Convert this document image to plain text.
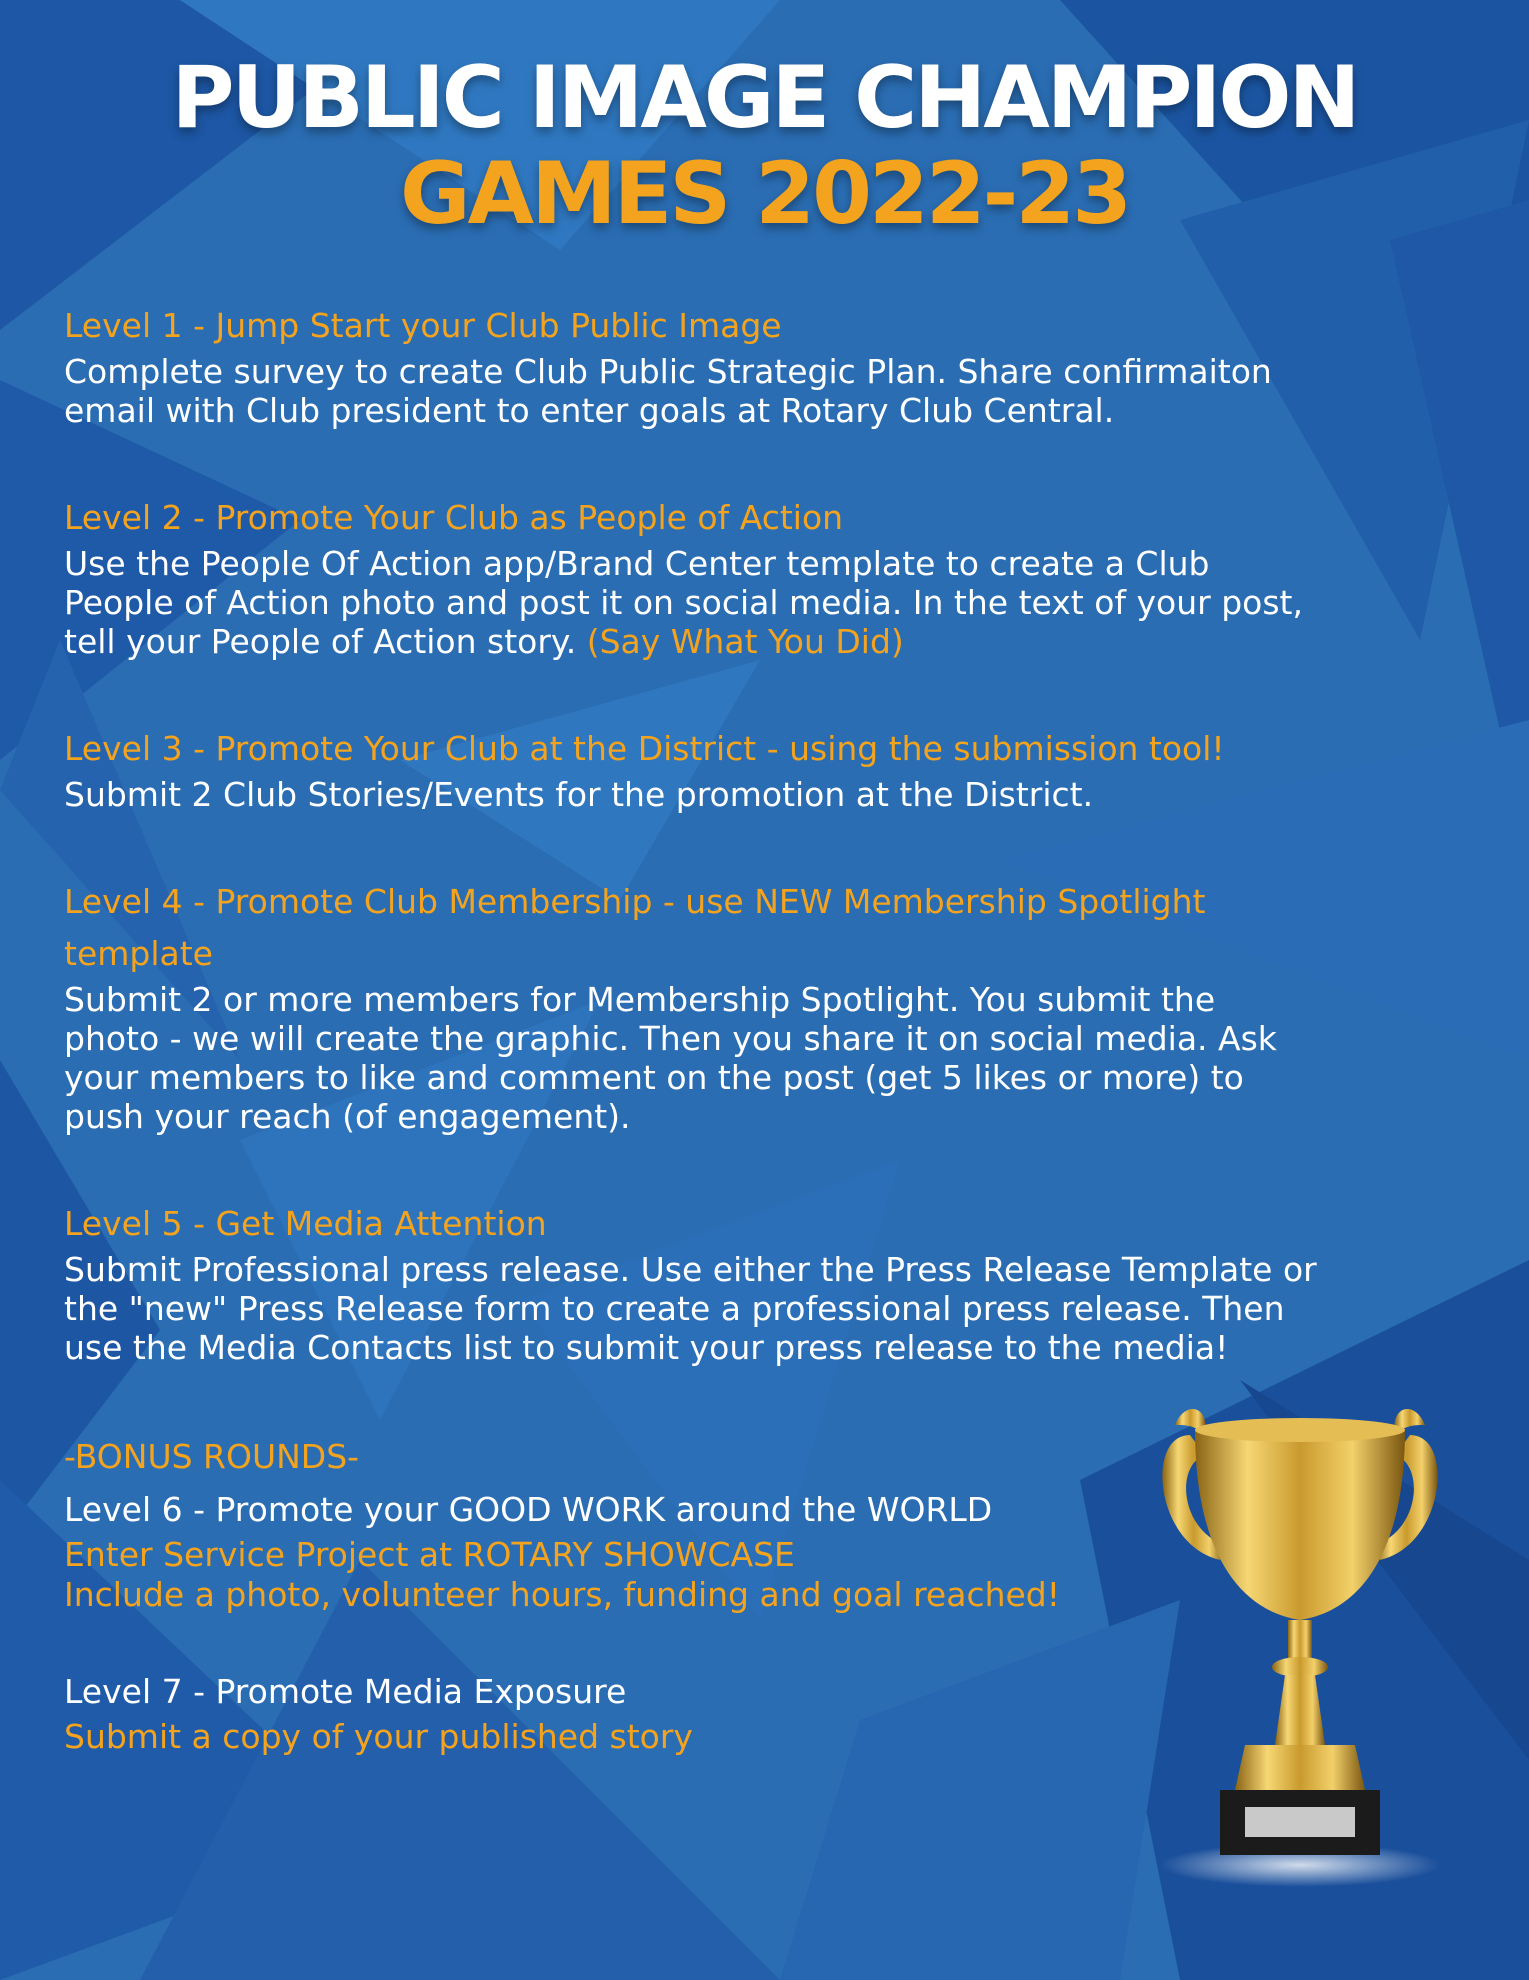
PUBLIC IMAGE CHAMPION
GAMES 2022-23
Level 1 - Jump Start your Club Public Image
Complete survey to create Club Public Strategic Plan. Share confirmaiton
email with Club president to enter goals at Rotary Club Central.
Level 2 - Promote Your Club as People of Action
Use the People Of Action app/Brand Center template to create a Club
People of Action photo and post it on social media. In the text of your post,
tell your People of Action story. (Say What You Did)
Level 3 - Promote Your Club at the District - using the submission tool!
Submit 2 Club Stories/Events for the promotion at the District.
Level 4 - Promote Club Membership - use NEW Membership Spotlight
template
Submit 2 or more members for Membership Spotlight. You submit the
photo - we will create the graphic. Then you share it on social media. Ask
your members to like and comment on the post (get 5 likes or more) to
push your reach (of engagement).
Level 5 - Get Media Attention
Submit Professional press release. Use either the Press Release Template or
the "new" Press Release form to create a professional press release. Then
use the Media Contacts list to submit your press release to the media!
-BONUS ROUNDS-
Level 6 - Promote your GOOD WORK around the WORLD
Enter Service Project at ROTARY SHOWCASE
Include a photo, volunteer hours, funding and goal reached!
Level 7 - Promote Media Exposure
Submit a copy of your published story
